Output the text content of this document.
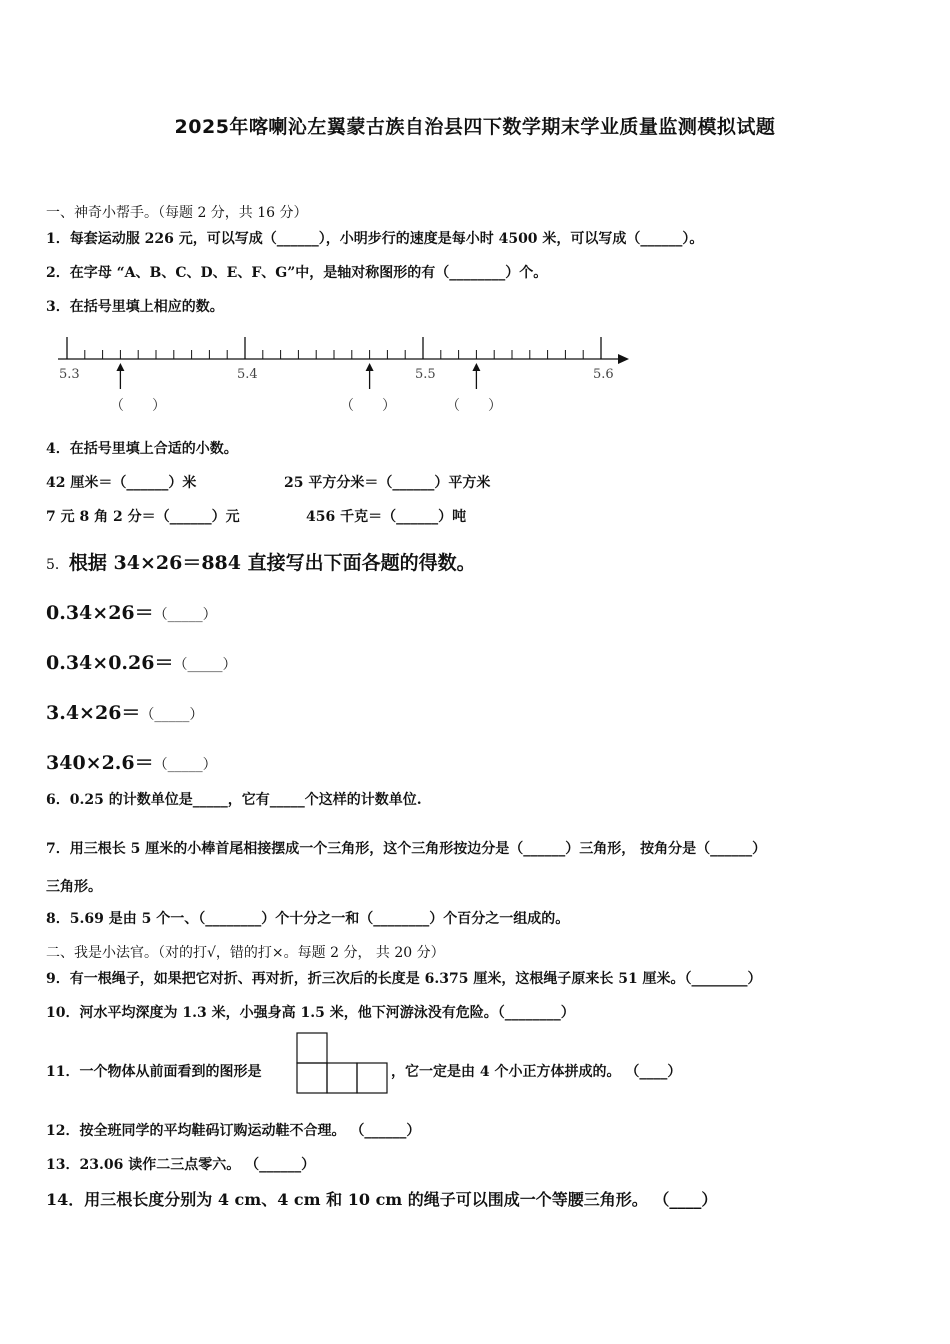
2025年喀喇沁左翼蒙古族自治县四下数学期末学业质量监测模拟试题
一、神奇小帮手。（每题 2 分，共 16 分）
1．每套运动服 226 元，可以写成（______），小明步行的速度是每小时 4500 米，可以写成（______）。
2．在字母 “A、B、C、D、E、F、G”中，是轴对称图形的有（________）个。
3．在括号里填上相应的数。
5.3	5.4	5.5	5.6
（　　）	（　　）	（　　）
4．在括号里填上合适的小数。
42 厘米＝（______）米	25 平方分米＝（______）平方米
7 元 8 角 2 分＝（______）元	456 千克＝（______）吨
5．根据 34×26＝884 直接写出下面各题的得数。
0.34×26＝（_____）
0.34×0.26＝（_____）
3.4×26＝（_____）
340×2.6＝（_____）
6．0.25 的计数单位是_____，它有_____个这样的计数单位.
7．用三根长 5 厘米的小棒首尾相接摆成一个三角形，这个三角形按边分是（______）三角形， 按角分是（______）
三角形。
8．5.69 是由 5 个一、（________）个十分之一和（________）个百分之一组成的。
二、我是小法官。（对的打√，错的打×。每题 2 分， 共 20 分）
9．有一根绳子，如果把它对折、再对折，折三次后的长度是 6.375 厘米，这根绳子原来长 51 厘米。（________）
10．河水平均深度为 1.3 米，小强身高 1.5 米，他下河游泳没有危险。（________）
11．一个物体从前面看到的图形是	，它一定是由 4 个小正方体拼成的。 （____）
12．按全班同学的平均鞋码订购运动鞋不合理。 （______）
13．23.06 读作二三点零六。 （______）
14．用三根长度分别为 4 cm、4 cm 和 10 cm 的绳子可以围成一个等腰三角形。 （____）
